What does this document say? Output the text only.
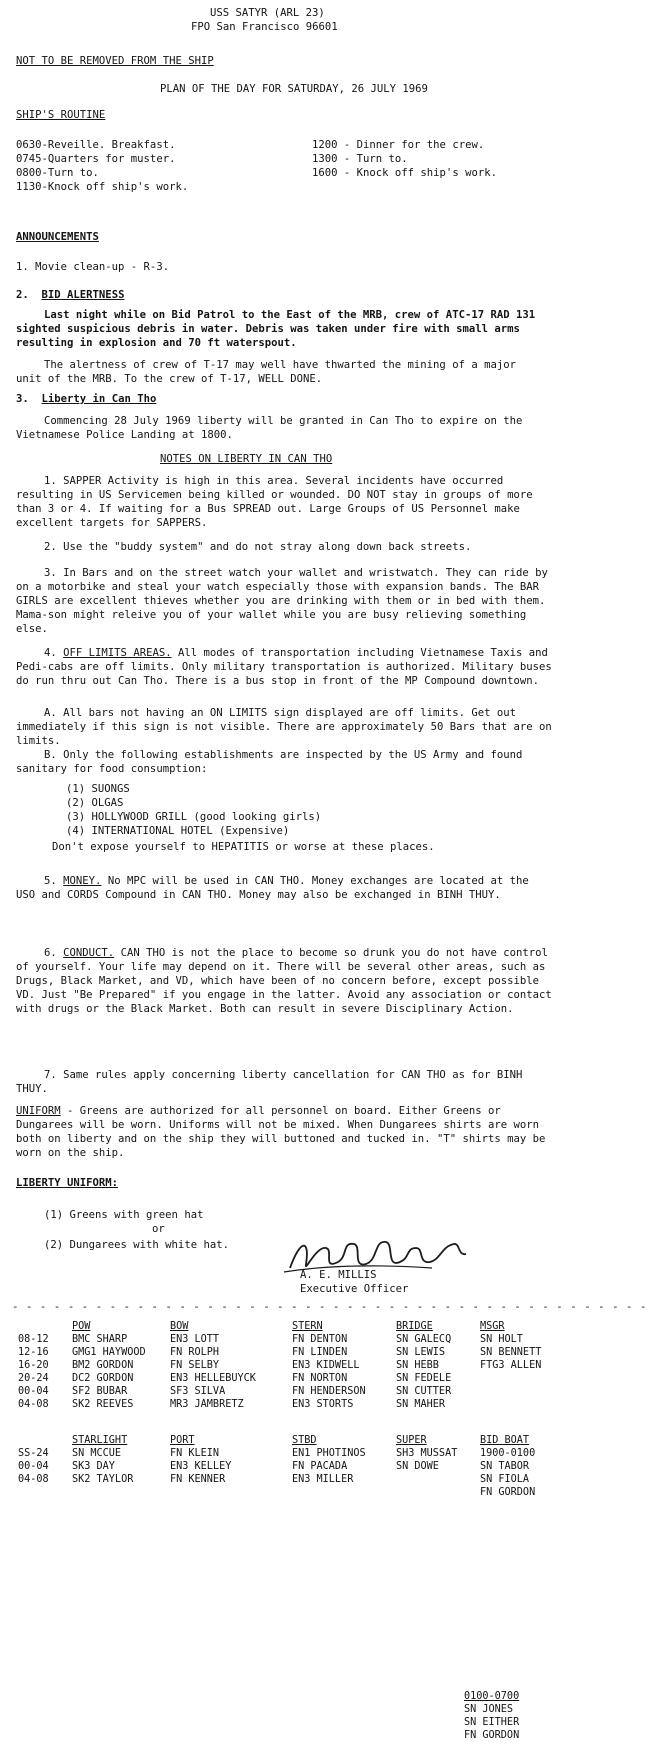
USS SATYR (ARL 23)
FPO San Francisco 96601
NOT TO BE REMOVED FROM THE SHIP
PLAN OF THE DAY FOR SATURDAY, 26 JULY 1969
SHIP'S ROUTINE
0630-Reveille. Breakfast.
0745-Quarters for muster.
0800-Turn to.
1130-Knock off ship's work.
1200 - Dinner for the crew.
1300 - Turn to.
1600 - Knock off ship's work.
ANNOUNCEMENTS
1. Movie clean-up - R-3.
2. BID ALERTNESS
Last night while on Bid Patrol to the East of the MRB, crew of ATC-17 RAD 131 sighted suspicious debris in water. Debris was taken under fire with small arms resulting in explosion and 70 ft waterspout.
The alertness of crew of T-17 may well have thwarted the mining of a major unit of the MRB. To the crew of T-17, WELL DONE.
3. Liberty in Can Tho
Commencing 28 July 1969 liberty will be granted in Can Tho to expire on the Vietnamese Police Landing at 1800.
NOTES ON LIBERTY IN CAN THO
1. SAPPER Activity is high in this area. Several incidents have occurred resulting in US Servicemen being killed or wounded. DO NOT stay in groups of more than 3 or 4. If waiting for a Bus SPREAD out. Large Groups of US Personnel make excellent targets for SAPPERS.
2. Use the "buddy system" and do not stray along down back streets.
3. In Bars and on the street watch your wallet and wristwatch. They can ride by on a motorbike and steal your watch especially those with expansion bands. The BAR GIRLS are excellent thieves whether you are drinking with them or in bed with them. Mama-son might releive you of your wallet while you are busy relieving something else.
4. OFF LIMITS AREAS. All modes of transportation including Vietnamese Taxis and Pedi-cabs are off limits. Only military transportation is authorized. Military buses do run thru out Can Tho. There is a bus stop in front of the MP Compound downtown.
A. All bars not having an ON LIMITS sign displayed are off limits. Get out immediately if this sign is not visible. There are approximately 50 Bars that are on limits.
B. Only the following establishments are inspected by the US Army and found sanitary for food consumption:
(1) SUONGS
(2) OLGAS
(3) HOLLYWOOD GRILL (good looking girls)
(4) INTERNATIONAL HOTEL (Expensive)
Don't expose yourself to HEPATITIS or worse at these places.
5. MONEY. No MPC will be used in CAN THO. Money exchanges are located at the USO and CORDS Compound in CAN THO. Money may also be exchanged in BINH THUY.
6. CONDUCT. CAN THO is not the place to become so drunk you do not have control of yourself. Your life may depend on it. There will be several other areas, such as Drugs, Black Market, and VD, which have been of no concern before, except possible VD. Just "Be Prepared" if you engage in the latter. Avoid any association or contact with drugs or the Black Market. Both can result in severe Disciplinary Action.
7. Same rules apply concerning liberty cancellation for CAN THO as for BINH THUY.
UNIFORM - Greens are authorized for all personnel on board. Either Greens or Dungarees will be worn. Uniforms will not be mixed. When Dungarees shirts are worn both on liberty and on the ship they will buttoned and tucked in. "T" shirts may be worn on the ship.
LIBERTY UNIFORM:
(1) Greens with green hat
or
(2) Dungarees with white hat.
A. E. MILLIS
Executive Officer
- - - - - - - - - - - - - - - - - - - - - - - - - - - - - - - - - - - - - - - - - - - - - -
	POW	BOW	STERN	BRIDGE	MSGR
08-12	BMC SHARP	EN3 LOTT	FN DENTON	SN GALECQ	SN HOLT
12-16	GMG1 HAYWOOD	FN ROLPH	FN LINDEN	SN LEWIS	SN BENNETT
16-20	BM2 GORDON	FN SELBY	EN3 KIDWELL	SN HEBB	FTG3 ALLEN
20-24	DC2 GORDON	EN3 HELLEBUYCK	FN NORTON	SN FEDELE	
00-04	SF2 BUBAR	SF3 SILVA	FN HENDERSON	SN CUTTER	
04-08	SK2 REEVES	MR3 JAMBRETZ	EN3 STORTS	SN MAHER	
	STARLIGHT	PORT	STBD	SUPER	BID BOAT
SS-24	SN MCCUE	FN KLEIN	EN1 PHOTINOS	SH3 MUSSAT	1900-0100
00-04	SK3 DAY	EN3 KELLEY	FN PACADA	SN DOWE	SN TABOR
04-08	SK2 TAYLOR	FN KENNER	EN3 MILLER		SN FIOLA
					FN GORDON
0100-0700
SN JONES
SN EITHER
FN GORDON
